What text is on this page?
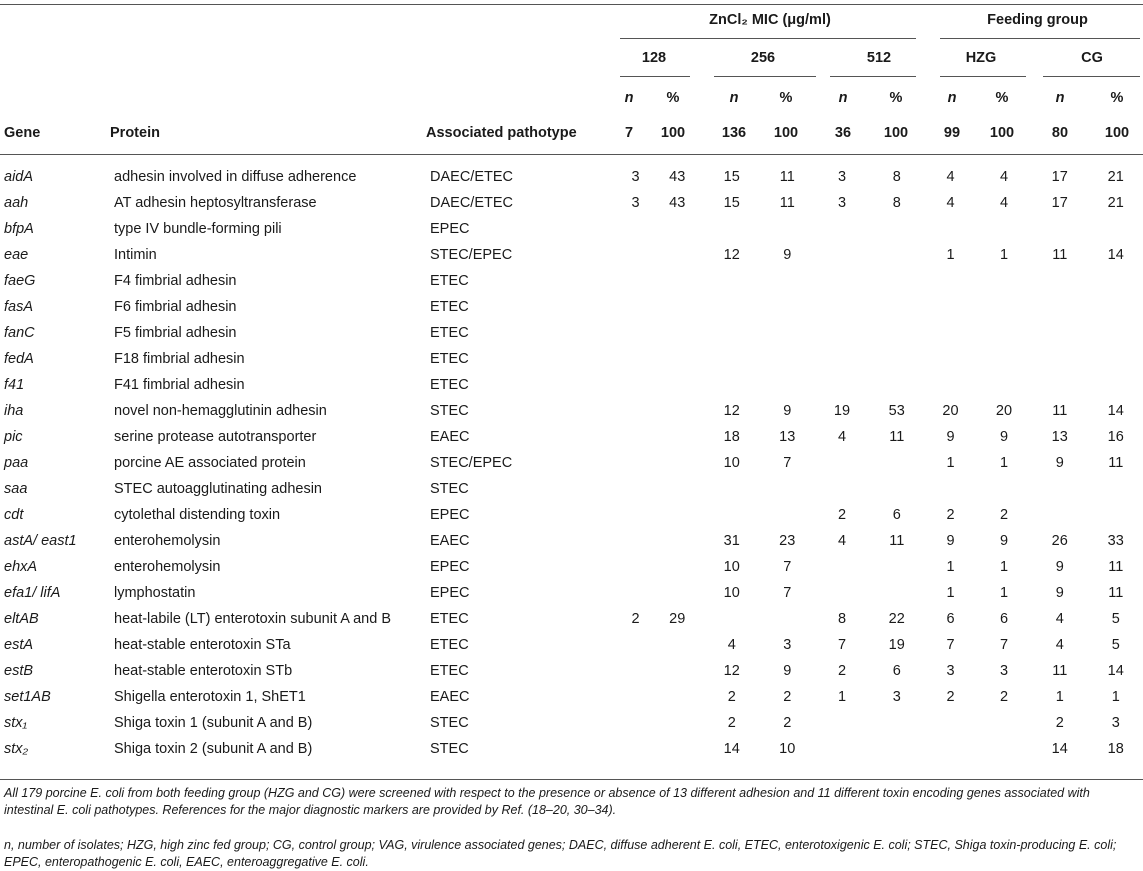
ZnCl₂ MIC (μg/ml)	Feeding group
128	256	512	HZG	CG
n	%	n	%	n	%	n	%	n	%
Gene	Protein	Associated pathotype	7	100	136	100	36	100	99	100	80	100
aidA	adhesin involved in diffuse adherence	DAEC/ETEC	3	43	15	11	3	8	4	4	17	21
aah	AT adhesin heptosyltransferase	DAEC/ETEC	3	43	15	11	3	8	4	4	17	21
bfpA	type IV bundle-forming pili	EPEC										
eae	Intimin	STEC/EPEC			12	9			1	1	11	14
faeG	F4 fimbrial adhesin	ETEC										
fasA	F6 fimbrial adhesin	ETEC										
fanC	F5 fimbrial adhesin	ETEC										
fedA	F18 fimbrial adhesin	ETEC										
f41	F41 fimbrial adhesin	ETEC										
iha	novel non-hemagglutinin adhesin	STEC			12	9	19	53	20	20	11	14
pic	serine protease autotransporter	EAEC			18	13	4	11	9	9	13	16
paa	porcine AE associated protein	STEC/EPEC			10	7			1	1	9	11
saa	STEC autoagglutinating adhesin	STEC										
cdt	cytolethal distending toxin	EPEC					2	6	2	2		
astA/ east1	enterohemolysin	EAEC			31	23	4	11	9	9	26	33
ehxA	enterohemolysin	EPEC			10	7			1	1	9	11
efa1/ lifA	lymphostatin	EPEC			10	7			1	1	9	11
eltAB	heat-labile (LT) enterotoxin subunit A and B	ETEC	2	29			8	22	6	6	4	5
estA	heat-stable enterotoxin STa	ETEC			4	3	7	19	7	7	4	5
estB	heat-stable enterotoxin STb	ETEC			12	9	2	6	3	3	11	14
set1AB	Shigella enterotoxin 1, ShET1	EAEC			2	2	1	3	2	2	1	1
stx₁	Shiga toxin 1 (subunit A and B)	STEC			2	2					2	3
stx₂	Shiga toxin 2 (subunit A and B)	STEC			14	10					14	18
All 179 porcine E. coli from both feeding group (HZG and CG) were screened with respect to the presence or absence of 13 different adhesion and 11 different toxin encoding genes associated with intestinal E. coli pathotypes. References for the major diagnostic markers are provided by Ref. (18–20, 30–34).
n, number of isolates; HZG, high zinc fed group; CG, control group; VAG, virulence associated genes; DAEC, diffuse adherent E. coli, ETEC, enterotoxigenic E. coli; STEC, Shiga toxin-producing E. coli; EPEC, enteropathogenic E. coli, EAEC, enteroaggregative E. coli.
